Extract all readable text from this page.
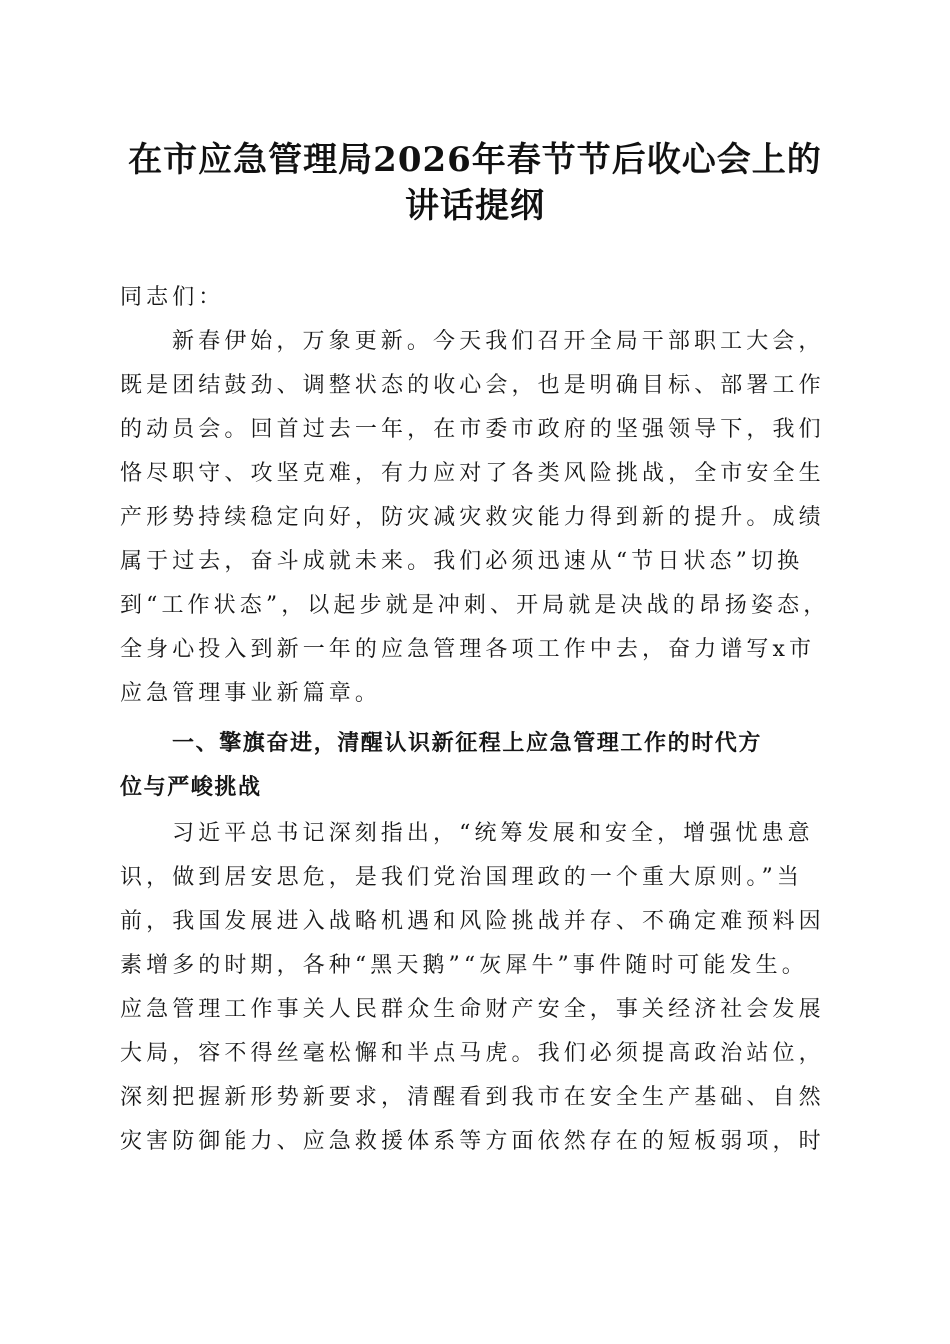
在市应急管理局2026年春节节后收心会上的
讲话提纲
同志们：
新春伊始，万象更新。今天我们召开全局干部职工大会，
既是团结鼓劲、调整状态的收心会，也是明确目标、部署工作
的动员会。回首过去一年，在市委市政府的坚强领导下，我们
恪尽职守、攻坚克难，有力应对了各类风险挑战，全市安全生
产形势持续稳定向好，防灾减灾救灾能力得到新的提升。成绩
属于过去，奋斗成就未来。我们必须迅速从“节日状态”切换
到“工作状态”，以起步就是冲刺、开局就是决战的昂扬姿态，
全身心投入到新一年的应急管理各项工作中去，奋力谱写x市
应急管理事业新篇章。
一、擎旗奋进，清醒认识新征程上应急管理工作的时代方
位与严峻挑战
习近平总书记深刻指出，“统筹发展和安全，增强忧患意
识，做到居安思危，是我们党治国理政的一个重大原则。”当
前，我国发展进入战略机遇和风险挑战并存、不确定难预料因
素增多的时期，各种“黑天鹅”“灰犀牛”事件随时可能发生。
应急管理工作事关人民群众生命财产安全，事关经济社会发展
大局，容不得丝毫松懈和半点马虎。我们必须提高政治站位，
深刻把握新形势新要求，清醒看到我市在安全生产基础、自然
灾害防御能力、应急救援体系等方面依然存在的短板弱项，时
